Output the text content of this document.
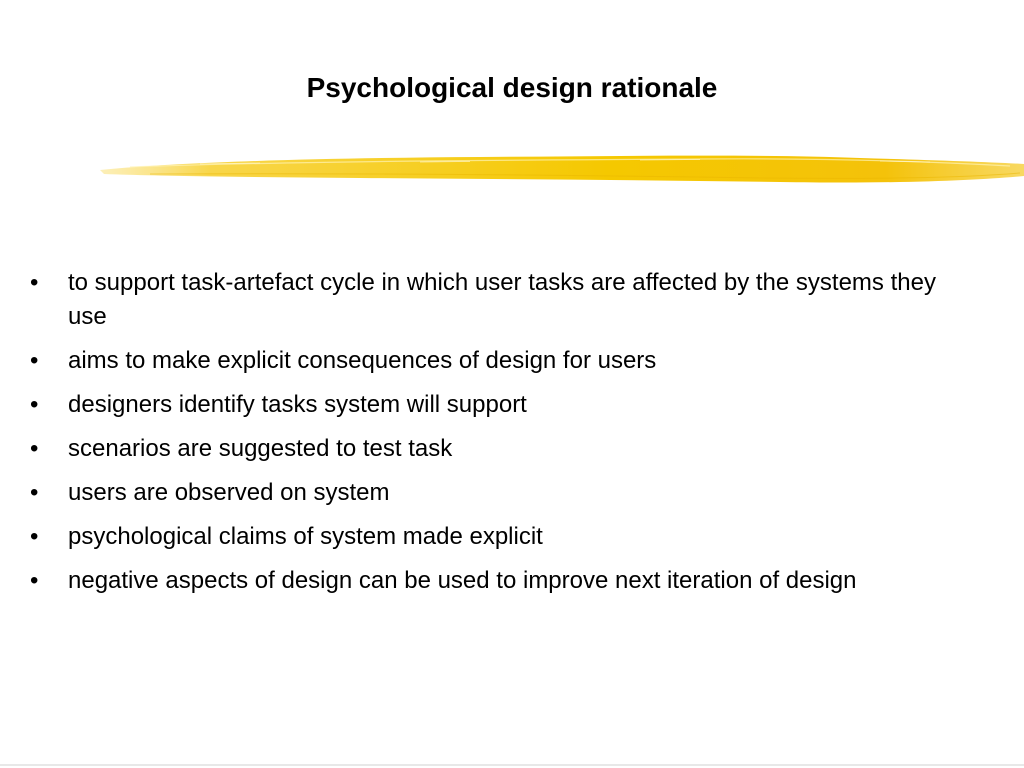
Psychological design rationale
•	to support task-artefact cycle in which user tasks are affected by the systems they use
•	aims to make explicit consequences of design for users
•	designers identify tasks system will support
•	scenarios are suggested to test task
•	users are observed on system
•	psychological claims of system made explicit
•	negative aspects of design can be used to improve next iteration of design
